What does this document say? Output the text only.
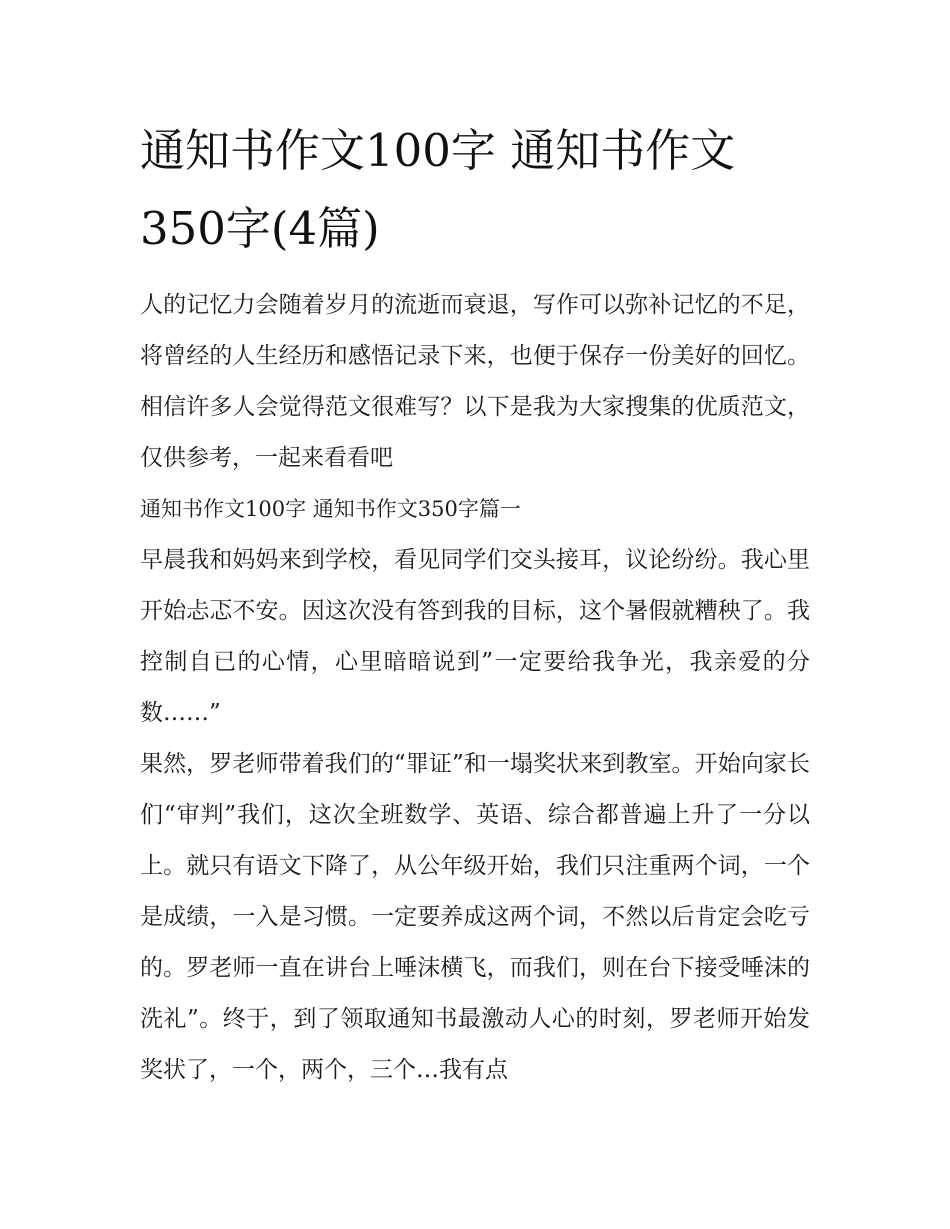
通知书作文100字 通知书作文350字(4篇)

人的记忆力会随着岁月的流逝而衰退，写作可以弥补记忆的不足，将曾经的人生经历和感悟记录下来，也便于保存一份美好的回忆。相信许多人会觉得范文很难写？以下是我为大家搜集的优质范文，仅供参考，一起来看看吧

通知书作文100字 通知书作文350字篇一

早晨我和妈妈来到学校，看见同学们交头接耳，议论纷纷。我心里开始忐忑不安。因这次没有答到我的目标，这个暑假就糟秧了。我控制自已的心情，心里暗暗说到”一定要给我争光，我亲爱的分数……”

果然，罗老师带着我们的“罪证”和一塌奖状来到教室。开始向家长们“审判”我们，这次全班数学、英语、综合都普遍上升了一分以上。就只有语文下降了，从公年级开始，我们只注重两个词，一个是成绩，一入是习惯。一定要养成这两个词，不然以后肯定会吃亏的。罗老师一直在讲台上唾沫横飞，而我们，则在台下接受唾沫的洗礼”。终于，到了领取通知书最激动人心的时刻，罗老师开始发奖状了，一个，两个，三个…我有点
